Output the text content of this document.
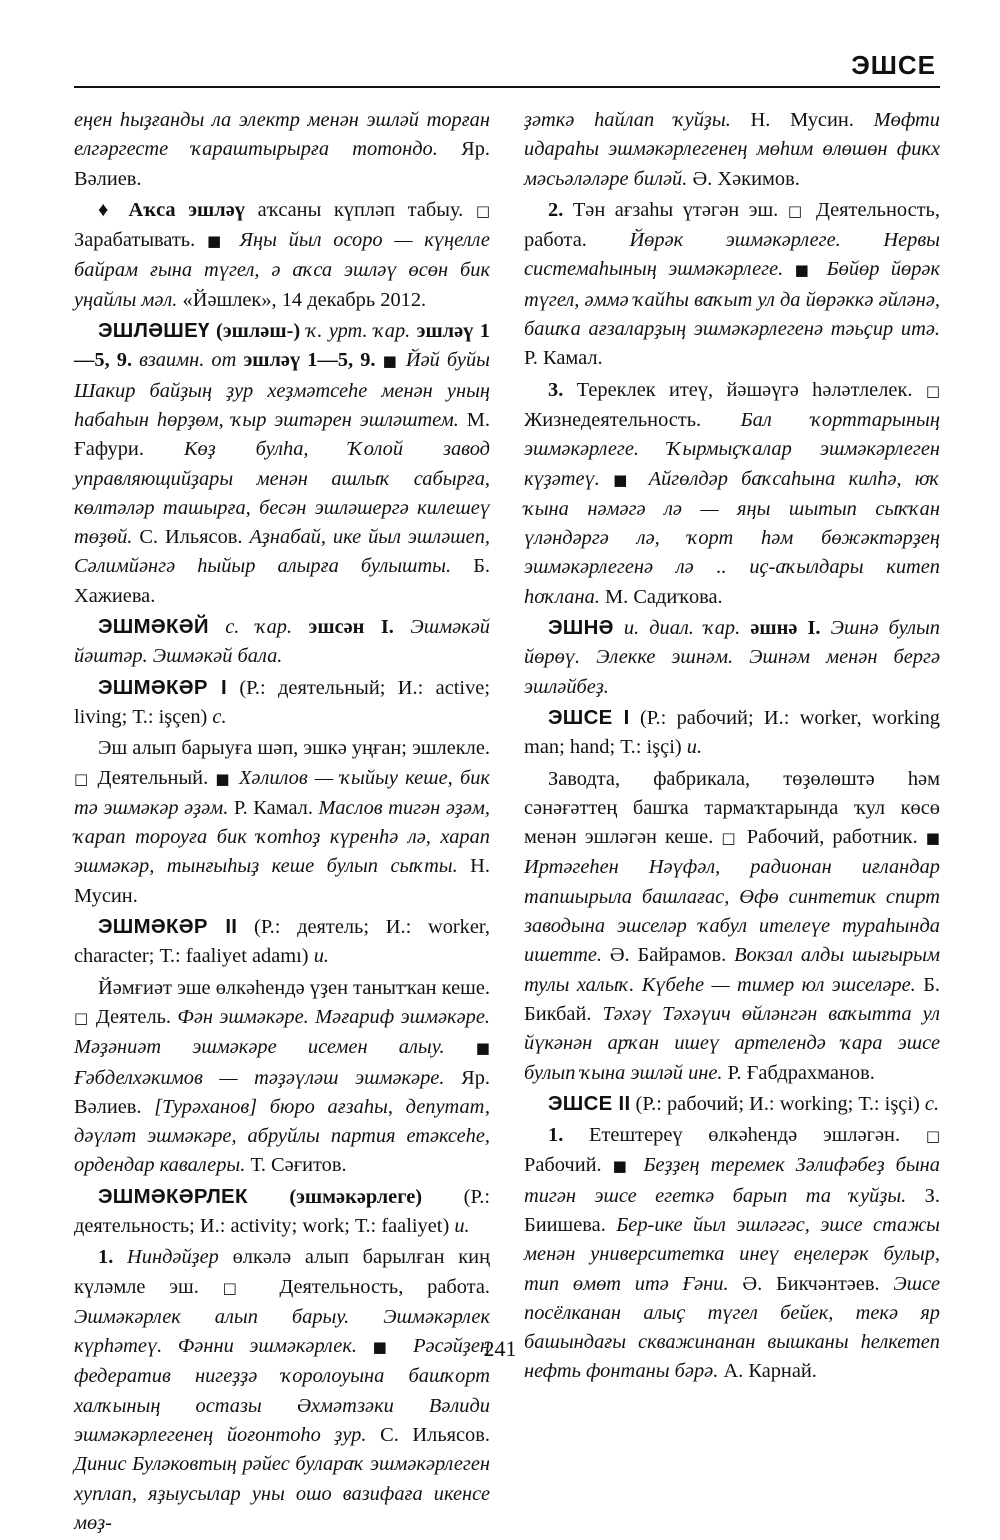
ЭШСЕ

еңен һыҙғанды ла электр менән эшләй торған елгәргесте ҡараштырырға тотондо. Яр. Вәлиев.

♦ Аҡса эшләү аҡсаны күпләп табыу. □ Зарабатывать. ■ Яңы йыл осоро — күңелле байрам ғына түгел, ә аҡса эшләү өсөн бик уңайлы мәл. «Йәшлек», 14 декабрь 2012.

ЭШЛӘШЕҮ (эшләш-) ҡ. урт. ҡар. эшләү 1—5, 9. взаимн. от эшләү 1—5, 9. ■ Йәй буйы Шакир байҙың ҙур хеҙмәтсеһе менән уның һабаһын һөрҙөм, ҡыр эштәрен эшләштем. М. Ғафури. Көҙ булһа, Ҡолой завод управляющийҙары менән ашлыҡ сабырға, көлтәләр ташырға, бесән эшләшергә килешеү төҙөй. С. Ильясов. Аҙнабай, ике йыл эшләшеп, Сәлимйәнгә һыйыр алырға булышты. Б. Хажиева.

ЭШМӘКӘЙ с. ҡар. эшсән I. Эшмәкәй йәштәр. Эшмәкәй бала.

ЭШМӘКӘР I (Р.: деятельный; И.: active; living; Т.: işçen) с.

Эш алып барыуға шәп, эшкә уңған; эшлекле. □ Деятельный. ■ Хәлилов — ҡыйыу кеше, бик тә эшмәкәр әҙәм. Р. Камал. Маслов тигән әҙәм, ҡарап тороуға бик ҡотһоҙ күренһә лә, харап эшмәкәр, тынғыһыҙ кеше булып сыҡты. Н. Мусин.

ЭШМӘКӘР II (Р.: деятель; И.: worker, character; Т.: faaliyet adamı) и.

Йәмғиәт эше өлкәһендә үҙен танытҡан кеше. □ Деятель. Фән эшмәкәре. Мәғариф эшмәкәре. Мәҙәниәт эшмәкәре исемен алыу. ■ Ғәбделхәкимов — тәҙәүләш эшмәкәре. Яр. Вәлиев. [Турәханов] бюро ағзаһы, депутат, дәүләт эшмәкәре, абруйлы партия етәксеһе, ордендар кавалеры. Т. Сәғитов.

ЭШМӘКӘРЛЕК (эшмәкәрлеге) (Р.: деятельность; И.: activity; work; Т.: faaliyet) и.

1. Ниндәйҙер өлкәлә алып барылған киң күләмле эш. □ Деятельность, работа. Эшмәкәрлек алып барыу. Эшмәкәрлек күрһәтеү. Фәнни эшмәкәрлек. ■ Рәсәйҙең федератив нигеҙҙә ҡоролоуына башҡорт халҡының остазы Әхмәтзәки Вәлиди эшмәкәрлегенең йоғонтоһо ҙур. С. Ильясов. Динис Буләковтың рәйес булараҡ эшмәкәрлеген хуплап, яҙыусылар уны ошо вазифаға икенсе мөҙ-

ҙәткә һайлап ҡуйҙы. Н. Мусин. Мөфти идараһы эшмәкәрлегенең мөһим өлөшөн фикх мәсьәләләре биләй. Ә. Хәкимов.

2. Тән ағзаһы үтәгән эш. □ Деятельность, работа. Йөрәк эшмәкәрлеге. Нервы системаһының эшмәкәрлеге. ■ Бөйөр йөрәк түгел, әммә ҡайһы ваҡыт ул да йөрәккә әйләнә, башҡа ағзаларҙың эшмәкәрлегенә тәьҫир итә. Р. Камал.

3. Тереклек итеү, йәшәүгә һәләтлелек. □ Жизнедеятельность. Бал ҡорттарының эшмәкәрлеге. Ҡырмыҫҡалар эшмәкәрлеген күҙәтеү. ■ Айгөлдәр баҡсаһына килһә, юҡ ҡына нәмәгә лә — яңы шытып сыҡҡан үләндәргә лә, ҡорт һәм бөжәктәрҙең эшмәкәрлегенә лә .. иҫ-аҡылдары китеп һоҡлана. М. Садиҡова.

ЭШНӘ и. диал. ҡар. әшнә I. Эшнә булып йөрөү. Элекке эшнәм. Эшнәм менән бергә эшләйбеҙ.

ЭШСЕ I (Р.: рабочий; И.: worker, working man; hand; Т.: işçi) и.

Заводта, фабрикала, төҙөлөштә һәм сәнәғәттең башҡа тармаҡтарында ҡул көсө менән эшләгән кеше. □ Рабочий, работник. ■ Иртәгеһен Нәүфәл, радионан иғландар тапшырыла башлағас, Өфө синтетик спирт заводына эшселәр ҡабул ителеүе тураһында ишетте. Ә. Байрамов. Вокзал алды шығырым тулы халыҡ. Күбеһе — тимер юл эшселәре. Б. Бикбай. Тәхәү Тәхәүич өйләнгән ваҡытта ул йүкәнән арҡан ишеү артелендә ҡара эшсе булып ҡына эшләй ине. Р. Ғабдрахманов.

ЭШСЕ II (Р.: рабочий; И.: working; Т.: işçi) с.

1. Етештереү өлкәһендә эшләгән. □ Рабочий. ■ Беҙҙең теремек Зәлифәбеҙ бына тигән эшсе егеткә барып та ҡуйҙы. З. Биишева. Бер-ике йыл эшләгәс, эшсе стажы менән университетка инеү еңелерәк булыр, тип өмөт итә Ғәни. Ә. Бикчәнтәев. Эшсе посёлканан алыҫ түгел бейек, текә яр башындағы скважинанан вышканы һелкетеп нефть фонтаны бәрә. А. Карнай.

241
